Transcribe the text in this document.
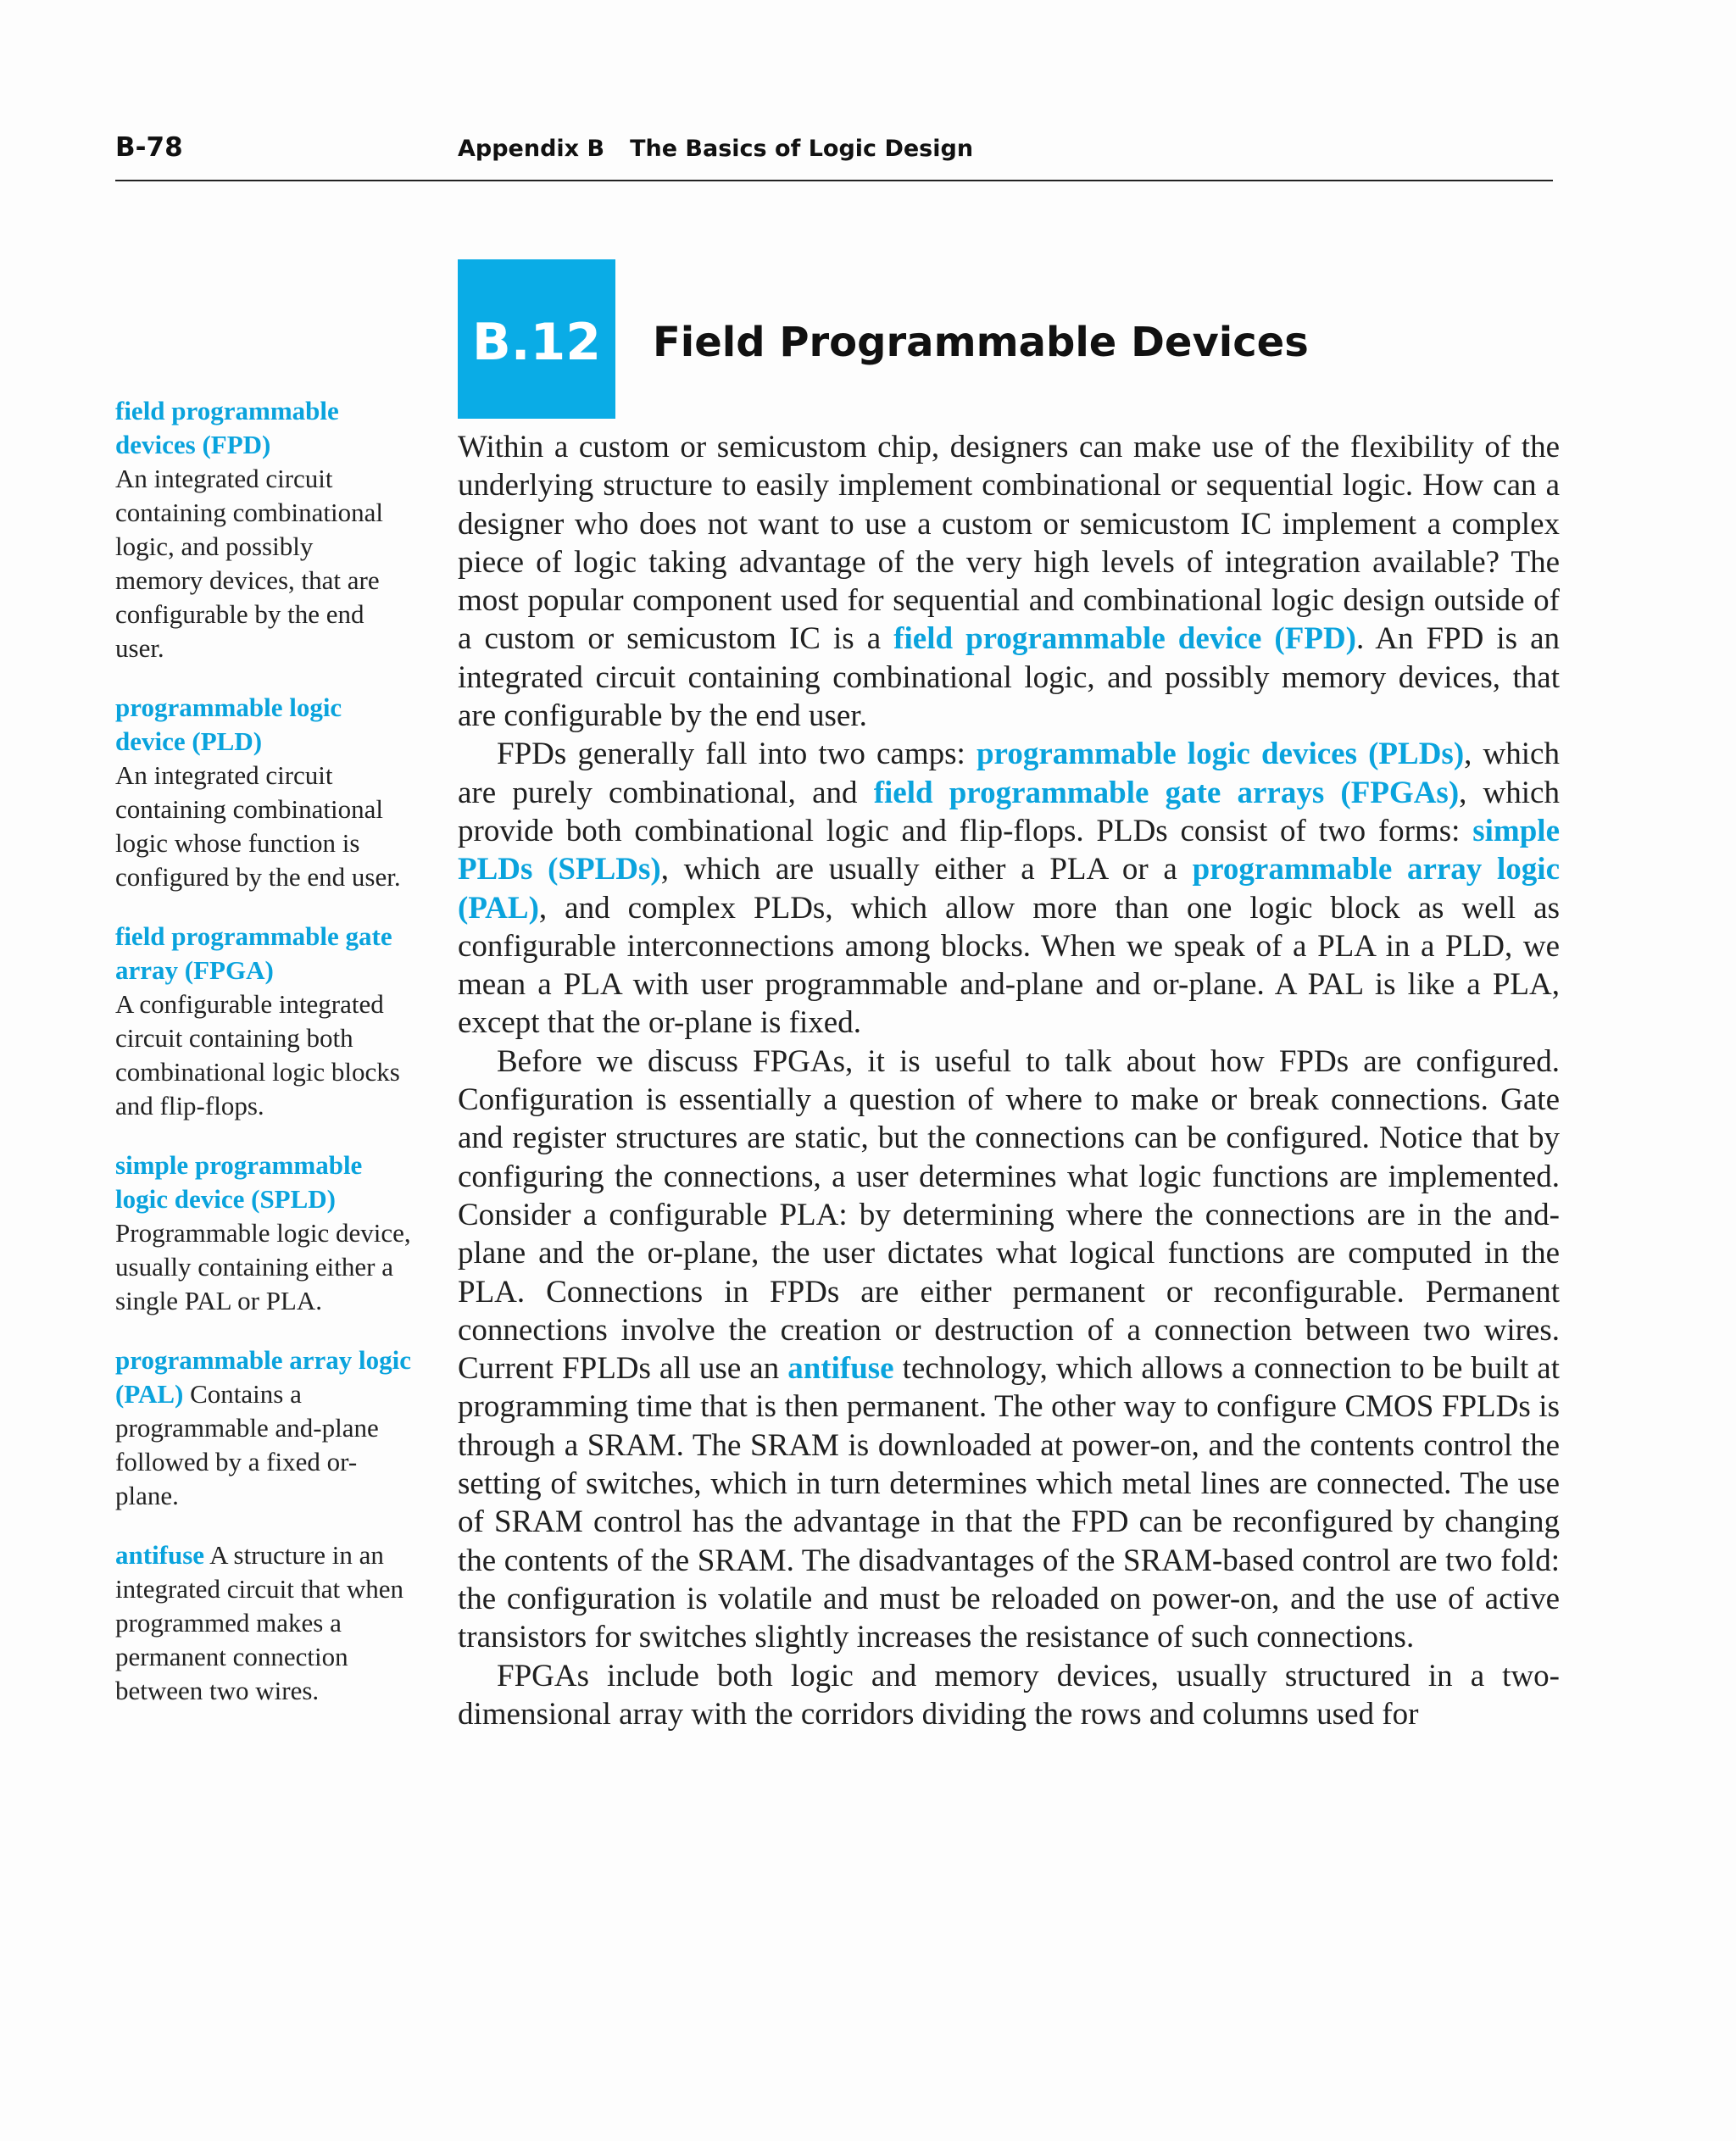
B-78	Appendix B The Basics of Logic Design
B.12	Field Programmable Devices
field programmable devices (FPD)
An integrated circuit containing combinational logic, and possibly memory devices, that are configurable by the end user.
programmable logic device (PLD)
An integrated circuit containing combinational logic whose function is configured by the end user.
field programmable gate array (FPGA)
A configurable integrated circuit containing both combinational logic blocks and flip-flops.
simple programmable logic device (SPLD) Programmable logic device, usually containing either a single PAL or PLA.
programmable array logic (PAL) Contains a programmable and-plane followed by a fixed or-plane.
antifuse A structure in an integrated circuit that when programmed makes a permanent connection between two wires.

Within a custom or semicustom chip, designers can make use of the flexibility of the underlying structure to easily implement combinational or sequential logic. How can a designer who does not want to use a custom or semicustom IC implement a complex piece of logic taking advantage of the very high levels of integration available? The most popular component used for sequential and combinational logic design outside of a custom or semicustom IC is a field programmable device (FPD). An FPD is an integrated circuit containing combinational logic, and possibly memory devices, that are configurable by the end user.

FPDs generally fall into two camps: programmable logic devices (PLDs), which are purely combinational, and field programmable gate arrays (FPGAs), which provide both combinational logic and flip-flops. PLDs consist of two forms: simple PLDs (SPLDs), which are usually either a PLA or a programmable array logic (PAL), and complex PLDs, which allow more than one logic block as well as configurable interconnections among blocks. When we speak of a PLA in a PLD, we mean a PLA with user programmable and-plane and or-plane. A PAL is like a PLA, except that the or-plane is fixed.

Before we discuss FPGAs, it is useful to talk about how FPDs are configured. Configuration is essentially a question of where to make or break connections. Gate and register structures are static, but the connections can be configured. Notice that by configuring the connections, a user determines what logic functions are implemented. Consider a configurable PLA: by determining where the connections are in the and-plane and the or-plane, the user dictates what logical functions are computed in the PLA. Connections in FPDs are either permanent or reconfigurable. Permanent connections involve the creation or destruction of a connection between two wires. Current FPLDs all use an antifuse technology, which allows a connection to be built at programming time that is then permanent. The other way to configure CMOS FPLDs is through a SRAM. The SRAM is downloaded at power-on, and the contents control the setting of switches, which in turn determines which metal lines are connected. The use of SRAM control has the advantage in that the FPD can be reconfigured by changing the contents of the SRAM. The disadvantages of the SRAM-based control are two fold: the configuration is volatile and must be reloaded on power-on, and the use of active transistors for switches slightly increases the resistance of such connections.

FPGAs include both logic and memory devices, usually structured in a two-dimensional array with the corridors dividing the rows and columns used for
